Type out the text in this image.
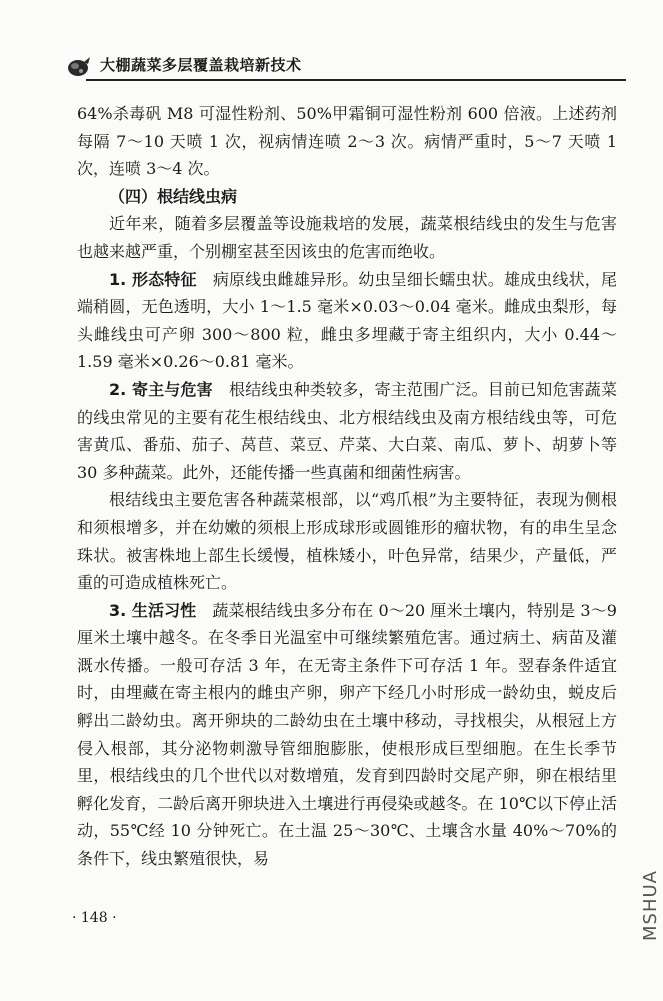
大棚蔬菜多层覆盖栽培新技术

64%杀毒矾 M8 可湿性粉剂、50%甲霜铜可湿性粉剂 600 倍液。上述药剂每隔 7～10 天喷 1 次，视病情连喷 2～3 次。病情严重时，5～7 天喷 1 次，连喷 3～4 次。

（四）根结线虫病

近年来，随着多层覆盖等设施栽培的发展，蔬菜根结线虫的发生与危害也越来越严重，个别棚室甚至因该虫的危害而绝收。

1. 形态特征　 病原线虫雌雄异形。幼虫呈细长蠕虫状。雄成虫线状，尾端稍圆，无色透明，大小 1～1.5 毫米×0.03～0.04 毫米。雌成虫梨形，每头雌线虫可产卵 300～800 粒，雌虫多埋藏于寄主组织内，大小 0.44～1.59 毫米×0.26～0.81 毫米。

2. 寄主与危害　 根结线虫种类较多，寄主范围广泛。目前已知危害蔬菜的线虫常见的主要有花生根结线虫、北方根结线虫及南方根结线虫等，可危害黄瓜、番茄、茄子、莴苣、菜豆、芹菜、大白菜、南瓜、萝卜、胡萝卜等 30 多种蔬菜。此外，还能传播一些真菌和细菌性病害。

根结线虫主要危害各种蔬菜根部，以“鸡爪根”为主要特征，表现为侧根和须根增多，并在幼嫩的须根上形成球形或圆锥形的瘤状物，有的串生呈念珠状。被害株地上部生长缓慢，植株矮小，叶色异常，结果少，产量低，严重的可造成植株死亡。

3. 生活习性　 蔬菜根结线虫多分布在 0～20 厘米土壤内，特别是 3～9 厘米土壤中越冬。在冬季日光温室中可继续繁殖危害。通过病土、病苗及灌溉水传播。一般可存活 3 年，在无寄主条件下可存活 1 年。翌春条件适宜时，由埋藏在寄主根内的雌虫产卵，卵产下经几小时形成一龄幼虫，蜕皮后孵出二龄幼虫。离开卵块的二龄幼虫在土壤中移动，寻找根尖，从根冠上方侵入根部，其分泌物刺激导管细胞膨胀，使根形成巨型细胞。在生长季节里，根结线虫的几个世代以对数增殖，发育到四龄时交尾产卵，卵在根结里孵化发育，二龄后离开卵块进入土壤进行再侵染或越冬。在 10℃以下停止活动，55℃经 10 分钟死亡。在土温 25～30℃、土壤含水量 40%～70%的条件下，线虫繁殖很快，易

· 148 ·	MSHUA
